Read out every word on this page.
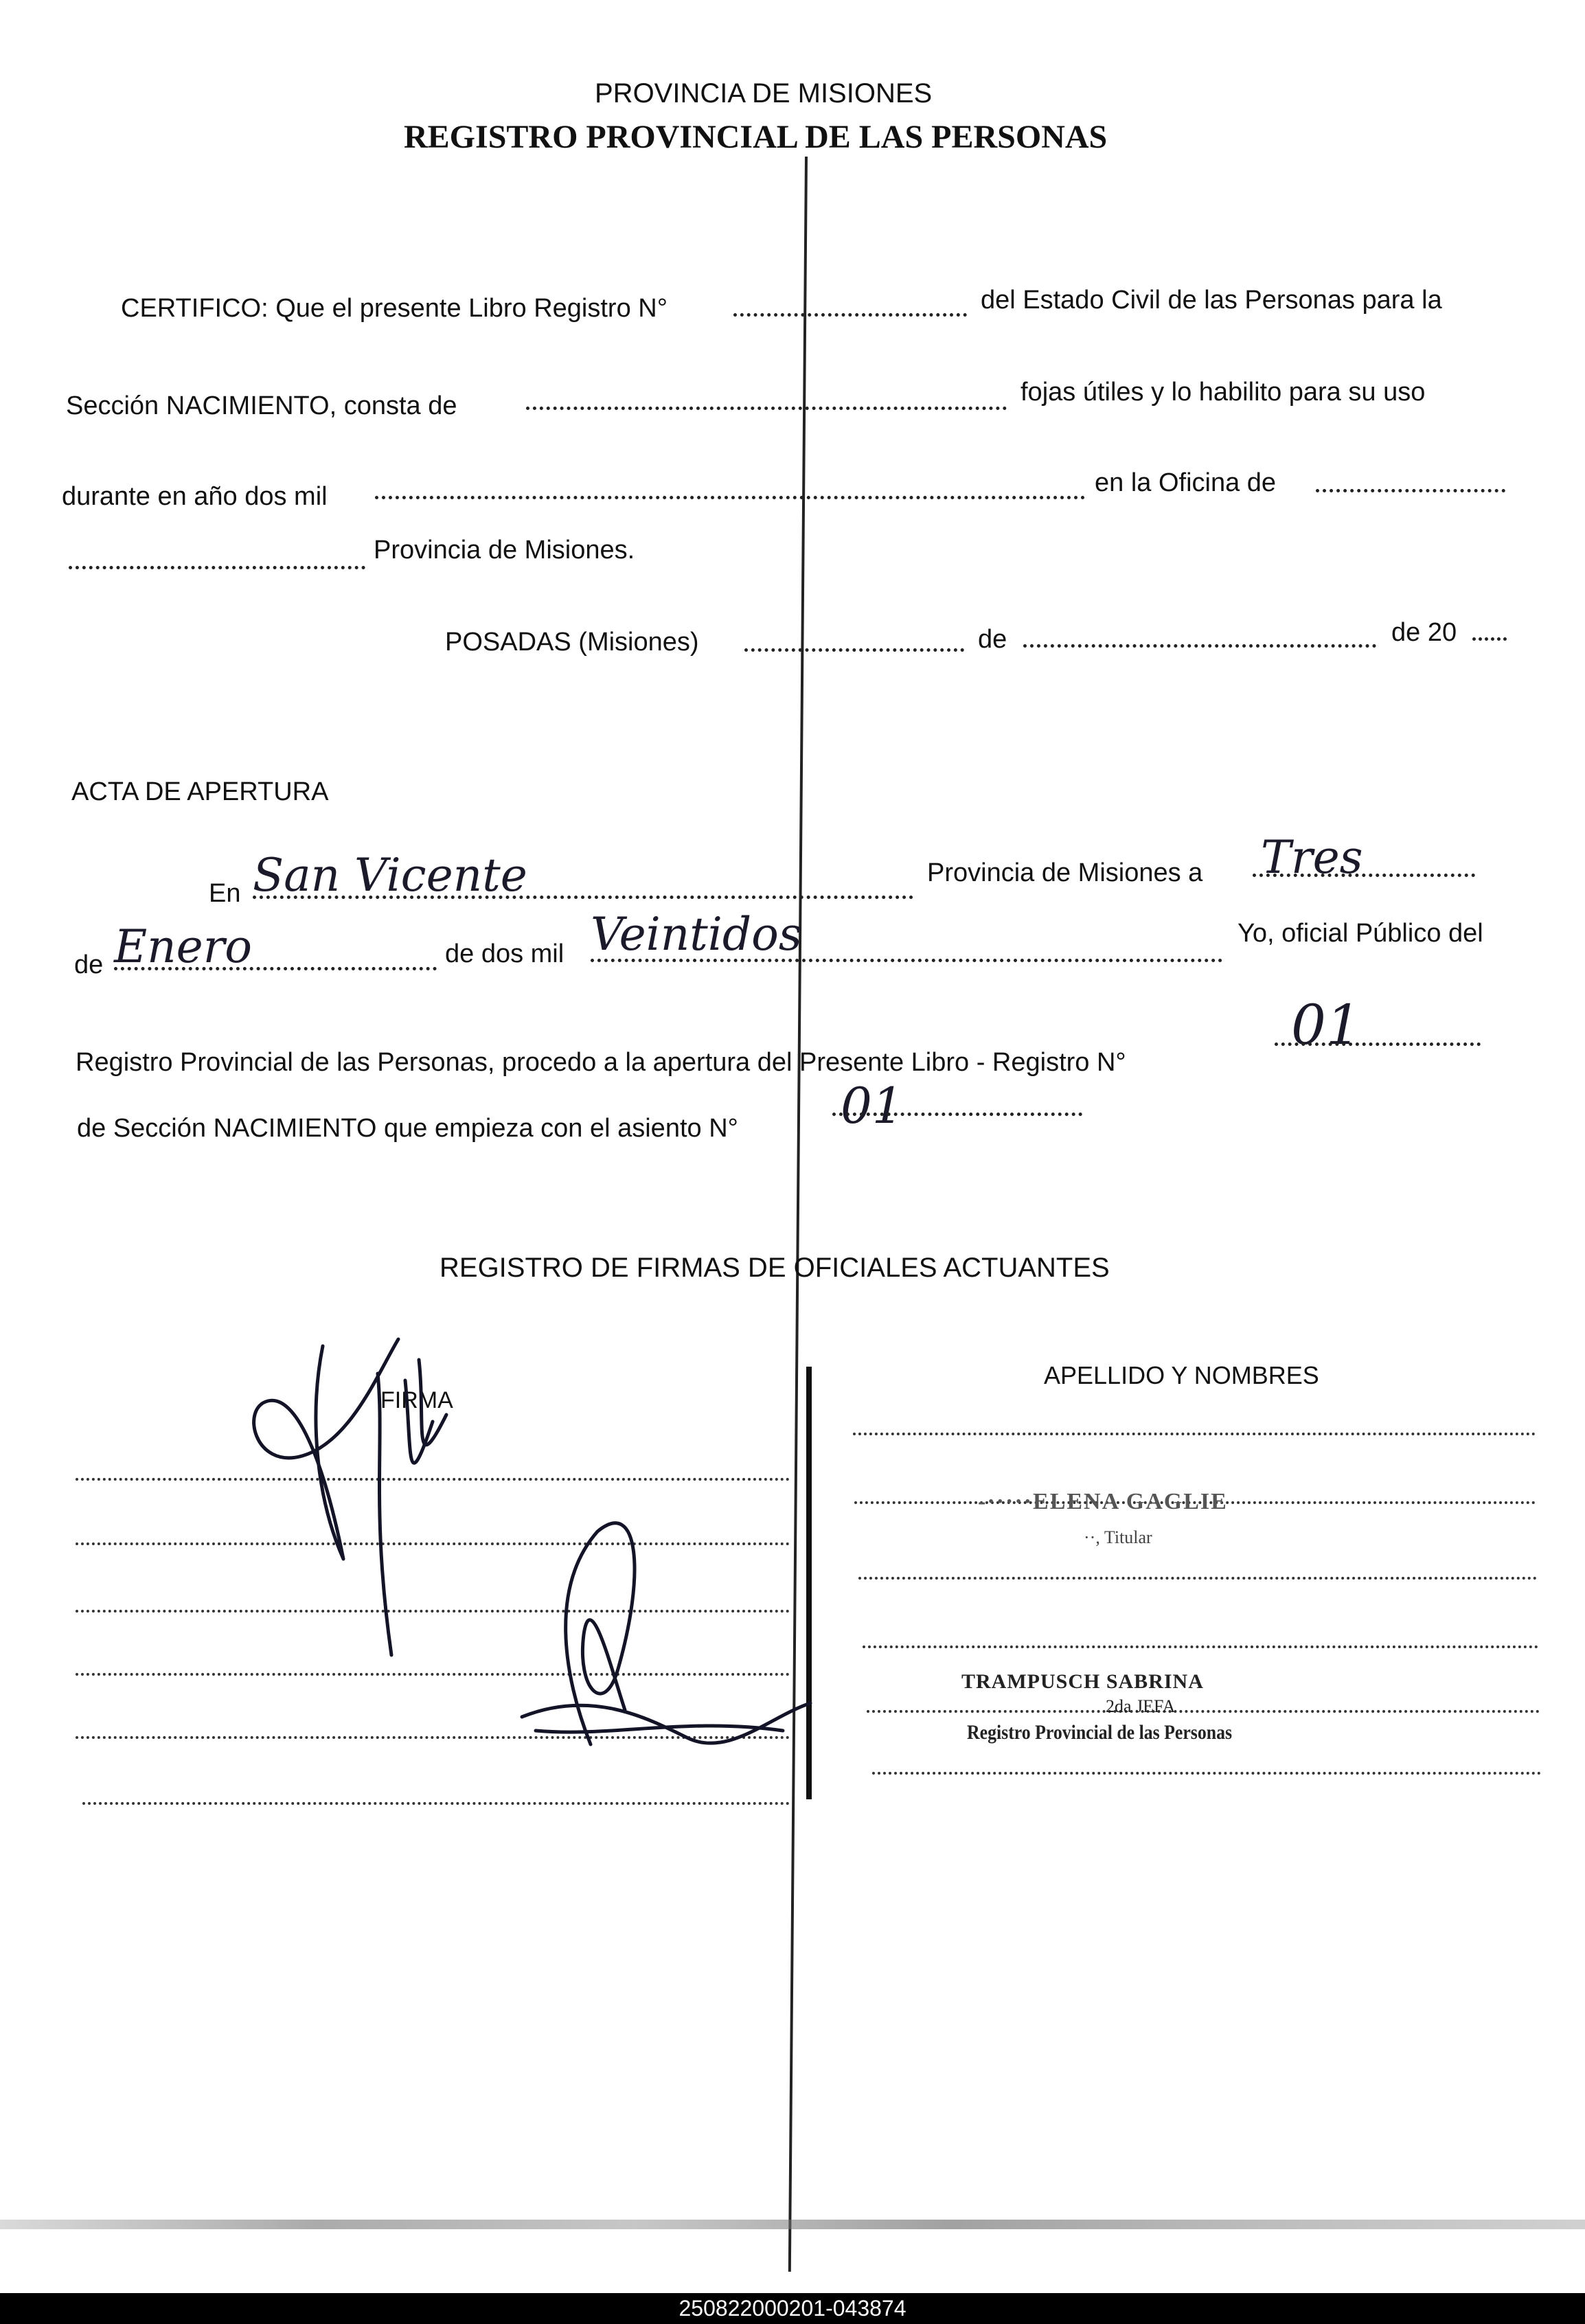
PROVINCIA DE MISIONES
REGISTRO PROVINCIAL DE LAS PERSONAS
CERTIFICO: Que el presente Libro Registro N°	del Estado Civil de las Personas para la
Sección NACIMIENTO, consta de	fojas útiles y lo habilito para su uso
durante en año dos mil	en la Oficina de
Provincia de Misiones.
POSADAS (Misiones)	de	de 20
ACTA DE APERTURA
En San Vicente	Provincia de Misiones a Tres
de Enero	de dos mil Veintidos	Yo, oficial Público del
Registro Provincial de las Personas, procedo a la apertura del Presente Libro - Registro N°
01
de Sección NACIMIENTO que empieza con el asiento N° 01
REGISTRO DE FIRMAS DE OFICIALES ACTUANTES
FIRMA
APELLIDO Y NOMBRES
-·····ELENA GAGLIE
··, Titular
TRAMPUSCH SABRINA
2da JEFA
Registro Provincial de las Personas
250822000201-043874
